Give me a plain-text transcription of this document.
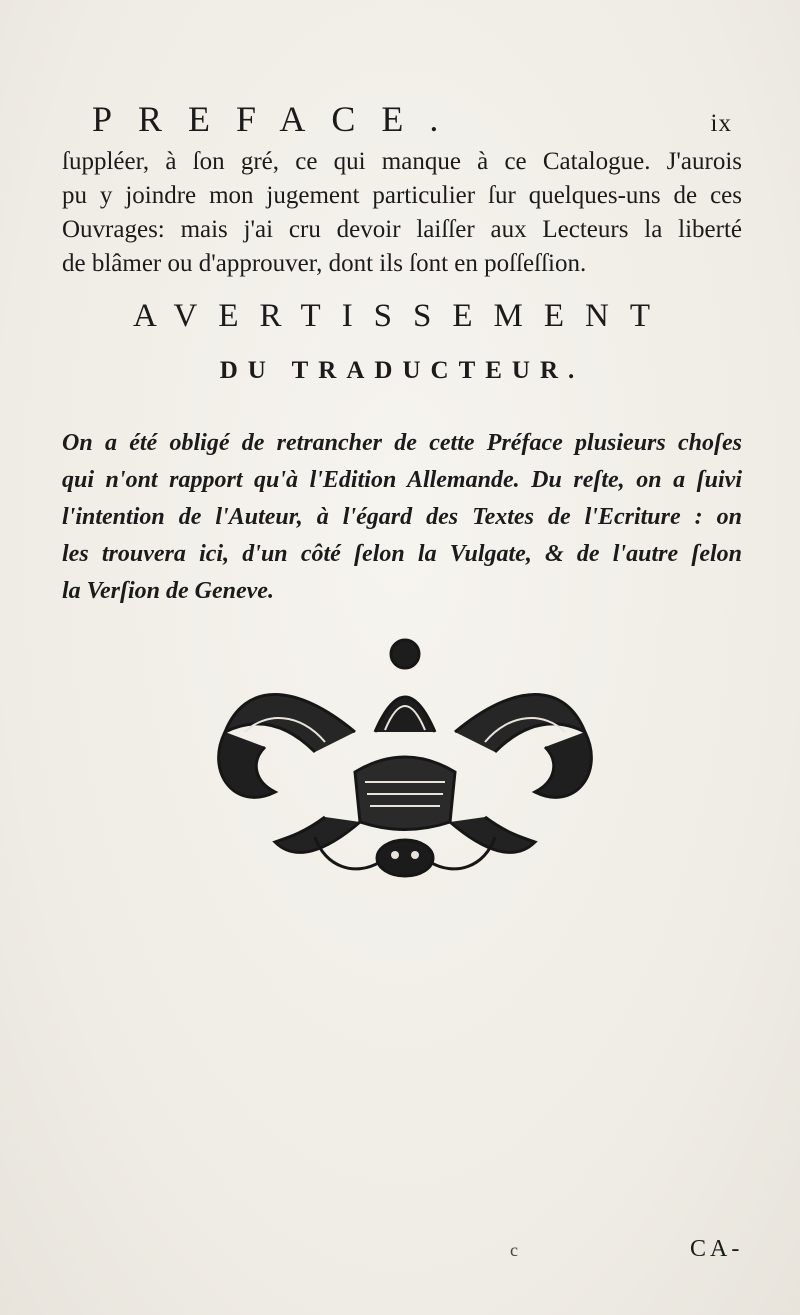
PREFACE.	ix
ſuppléer, à ſon gré, ce qui manque à ce Catalogue. J'aurois
pu y joindre mon jugement particulier ſur quelques-uns de ces
Ouvrages: mais j'ai cru devoir laiſſer aux Lecteurs la liberté
de blâmer ou d'approuver, dont ils ſont en poſſeſſion.
AVERTISSEMENT
DU TRADUCTEUR.
On a été obligé de retrancher de cette Préface plusieurs choſes
qui n'ont rapport qu'à l'Edition Allemande. Du reſte, on a ſuivi
l'intention de l'Auteur, à l'égard des Textes de l'Ecriture : on
les trouvera ici, d'un côté ſelon la Vulgate, & de l'autre ſelon
la Verſion de Geneve.
c	CA-
